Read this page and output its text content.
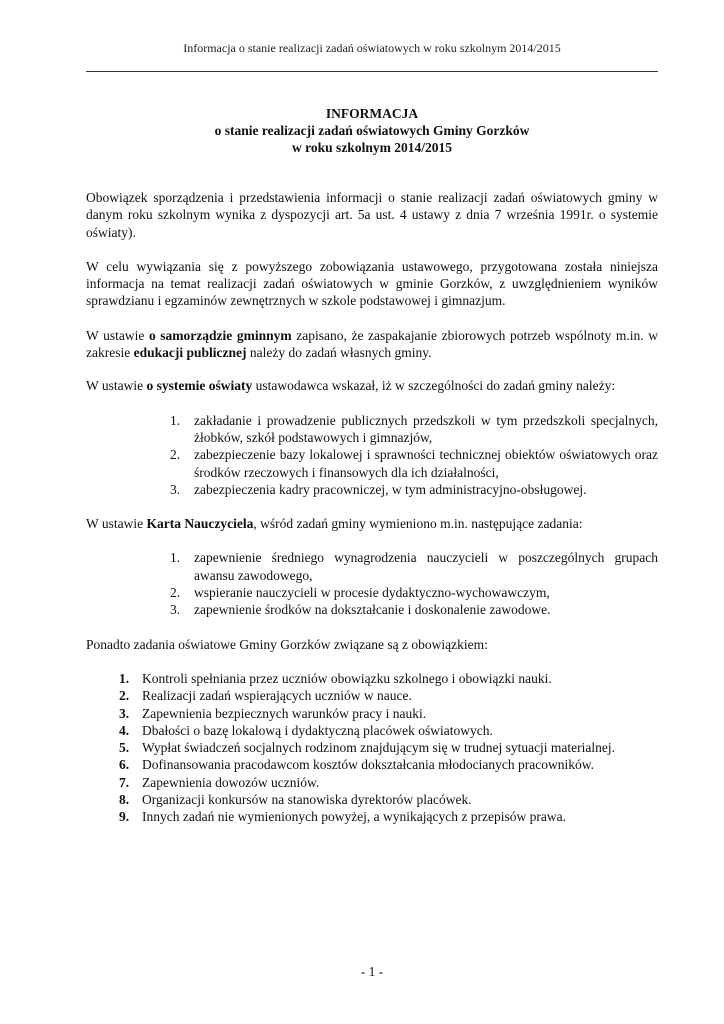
Informacja o stanie realizacji zadań oświatowych w roku szkolnym 2014/2015
INFORMACJA
o stanie realizacji zadań oświatowych Gminy Gorzków
w roku szkolnym 2014/2015

Obowiązek sporządzenia i przedstawienia informacji o stanie realizacji zadań oświatowych gminy w danym roku szkolnym wynika z dyspozycji art. 5a ust. 4 ustawy z dnia 7 września 1991r. o systemie oświaty).

W celu wywiązania się z powyższego zobowiązania ustawowego, przygotowana została niniejsza informacja na temat realizacji zadań oświatowych w gminie Gorzków, z uwzględnieniem wyników sprawdzianu i egzaminów zewnętrznych w szkole podstawowej i gimnazjum.

W ustawie o samorządzie gminnym zapisano, że zaspakajanie zbiorowych potrzeb wspólnoty m.in. w zakresie edukacji publicznej należy do zadań własnych gminy.

W ustawie o systemie oświaty ustawodawca wskazał, iż w szczególności do zadań gminy należy:

1.	zakładanie i prowadzenie publicznych przedszkoli w tym przedszkoli specjalnych, żłobków, szkół podstawowych i gimnazjów,
2.	zabezpieczenie bazy lokalowej i sprawności technicznej obiektów oświatowych oraz środków rzeczowych i finansowych dla ich działalności,
3.	zabezpieczenia kadry pracowniczej, w tym administracyjno-obsługowej.

W ustawie Karta Nauczyciela, wśród zadań gminy wymieniono m.in. następujące zadania:

1.	zapewnienie średniego wynagrodzenia nauczycieli w poszczególnych grupach awansu zawodowego,
2.	wspieranie nauczycieli w procesie dydaktyczno-wychowawczym,
3.	zapewnienie środków na dokształcanie i doskonalenie zawodowe.

Ponadto zadania oświatowe Gminy Gorzków związane są z obowiązkiem:

1. Kontroli spełniania przez uczniów obowiązku szkolnego i obowiązki nauki.
2. Realizacji zadań wspierających uczniów w nauce.
3. Zapewnienia bezpiecznych warunków pracy i nauki.
4. Dbałości o bazę lokalową i dydaktyczną placówek oświatowych.
5. Wypłat świadczeń socjalnych rodzinom znajdującym się w trudnej sytuacji materialnej.
6. Dofinansowania pracodawcom kosztów dokształcania młodocianych pracowników.
7. Zapewnienia dowozów uczniów.
8. Organizacji konkursów na stanowiska dyrektorów placówek.
9. Innych zadań nie wymienionych powyżej, a wynikających z przepisów prawa.
- 1 -
